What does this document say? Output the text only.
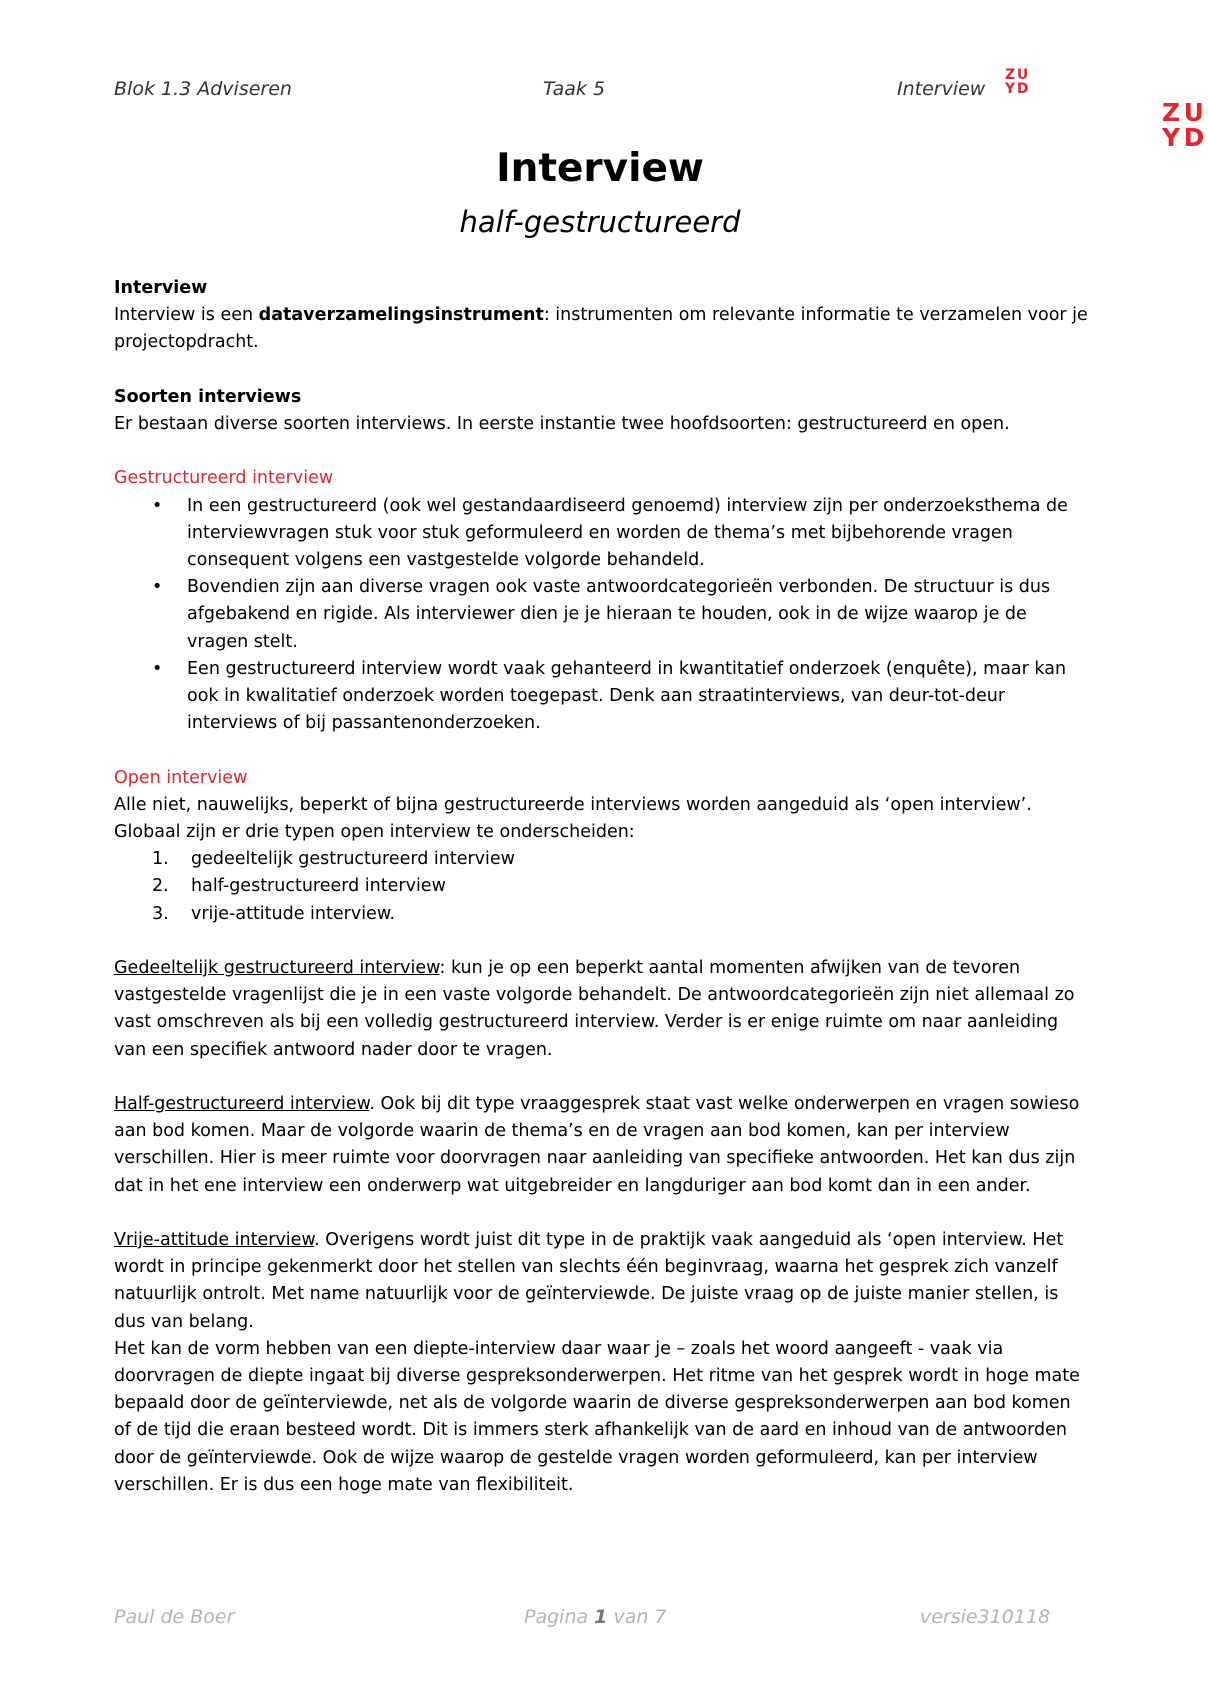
Blok 1.3 Adviseren	Taak 5	Interview
ZU
YD
ZU
YD
Interview
half-gestructureerd

Interview

Interview is een dataverzamelingsinstrument: instrumenten om relevante informatie te verzamelen voor je projectopdracht.

Soorten interviews

Er bestaan diverse soorten interviews. In eerste instantie twee hoofdsoorten: gestructureerd en open.

Gestructureerd interview

• In een gestructureerd (ook wel gestandaardiseerd genoemd) interview zijn per onderzoeksthema de interviewvragen stuk voor stuk geformuleerd en worden de thema’s met bijbehorende vragen consequent volgens een vastgestelde volgorde behandeld.
• Bovendien zijn aan diverse vragen ook vaste antwoordcategorieën verbonden. De structuur is dus afgebakend en rigide. Als interviewer dien je je hieraan te houden, ook in de wijze waarop je de vragen stelt.
• Een gestructureerd interview wordt vaak gehanteerd in kwantitatief onderzoek (enquête), maar kan ook in kwalitatief onderzoek worden toegepast. Denk aan straatinterviews, van deur-tot-deur interviews of bij passantenonderzoeken.

Open interview

Alle niet, nauwelijks, beperkt of bijna gestructureerde interviews worden aangeduid als ‘open interview’. Globaal zijn er drie typen open interview te onderscheiden:

1. gedeeltelijk gestructureerd interview
2. half-gestructureerd interview
3. vrije-attitude interview.

Gedeeltelijk gestructureerd interview: kun je op een beperkt aantal momenten afwijken van de tevoren vastgestelde vragenlijst die je in een vaste volgorde behandelt. De antwoordcategorieën zijn niet allemaal zo vast omschreven als bij een volledig gestructureerd interview. Verder is er enige ruimte om naar aanleiding van een specifiek antwoord nader door te vragen.

Half-gestructureerd interview. Ook bij dit type vraaggesprek staat vast welke onderwerpen en vragen sowieso aan bod komen. Maar de volgorde waarin de thema’s en de vragen aan bod komen, kan per interview verschillen. Hier is meer ruimte voor doorvragen naar aanleiding van specifieke antwoorden. Het kan dus zijn dat in het ene interview een onderwerp wat uitgebreider en langduriger aan bod komt dan in een ander.

Vrije-attitude interview. Overigens wordt juist dit type in de praktijk vaak aangeduid als ‘open interview. Het wordt in principe gekenmerkt door het stellen van slechts één beginvraag, waarna het gesprek zich vanzelf natuurlijk ontrolt. Met name natuurlijk voor de geïnterviewde. De juiste vraag op de juiste manier stellen, is dus van belang.

Het kan de vorm hebben van een diepte-interview daar waar je – zoals het woord aangeeft - vaak via doorvragen de diepte ingaat bij diverse gespreksonderwerpen. Het ritme van het gesprek wordt in hoge mate bepaald door de geïnterviewde, net als de volgorde waarin de diverse gespreksonderwerpen aan bod komen of de tijd die eraan besteed wordt. Dit is immers sterk afhankelijk van de aard en inhoud van de antwoorden door de geïnterviewde. Ook de wijze waarop de gestelde vragen worden geformuleerd, kan per interview verschillen. Er is dus een hoge mate van flexibiliteit.

Paul de Boer	Pagina 1 van 7	versie310118
